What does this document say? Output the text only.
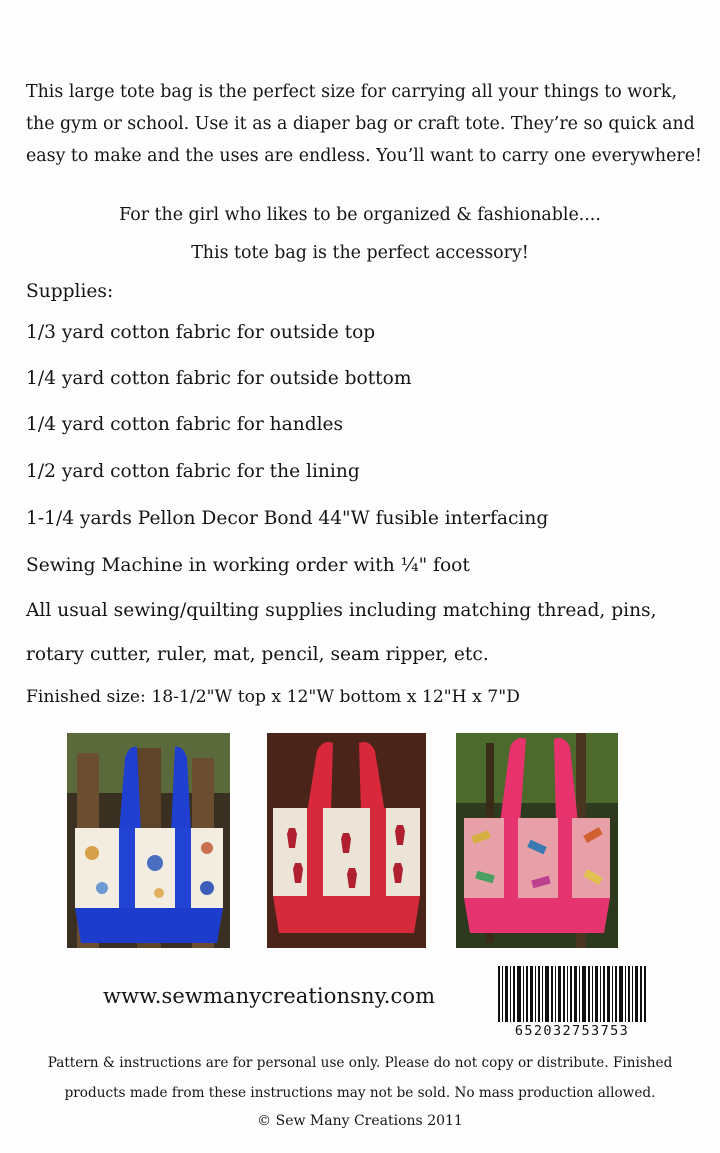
This large tote bag is the perfect size for carrying all your things to work, the gym or school. Use it as a diaper bag or craft tote. They’re so quick and easy to make and the uses are endless. You’ll want to carry one everywhere!

For the girl who likes to be organized & fashionable....

This tote bag is the perfect accessory!

Supplies:

1/3 yard cotton fabric for outside top

1/4 yard cotton fabric for outside bottom

1/4 yard cotton fabric for handles

1/2 yard cotton fabric for the lining

1-1/4 yards Pellon Decor Bond 44"W fusible interfacing

Sewing Machine in working order with ¼" foot

All usual sewing/quilting supplies including matching thread, pins,

rotary cutter, ruler, mat, pencil, seam ripper, etc.

Finished size: 18-1/2"W top x 12"W bottom x 12"H x 7"D

www.sewmanycreationsny.com

652032753753

Pattern & instructions are for personal use only. Please do not copy or distribute. Finished

products made from these instructions may not be sold. No mass production allowed.

© Sew Many Creations 2011
